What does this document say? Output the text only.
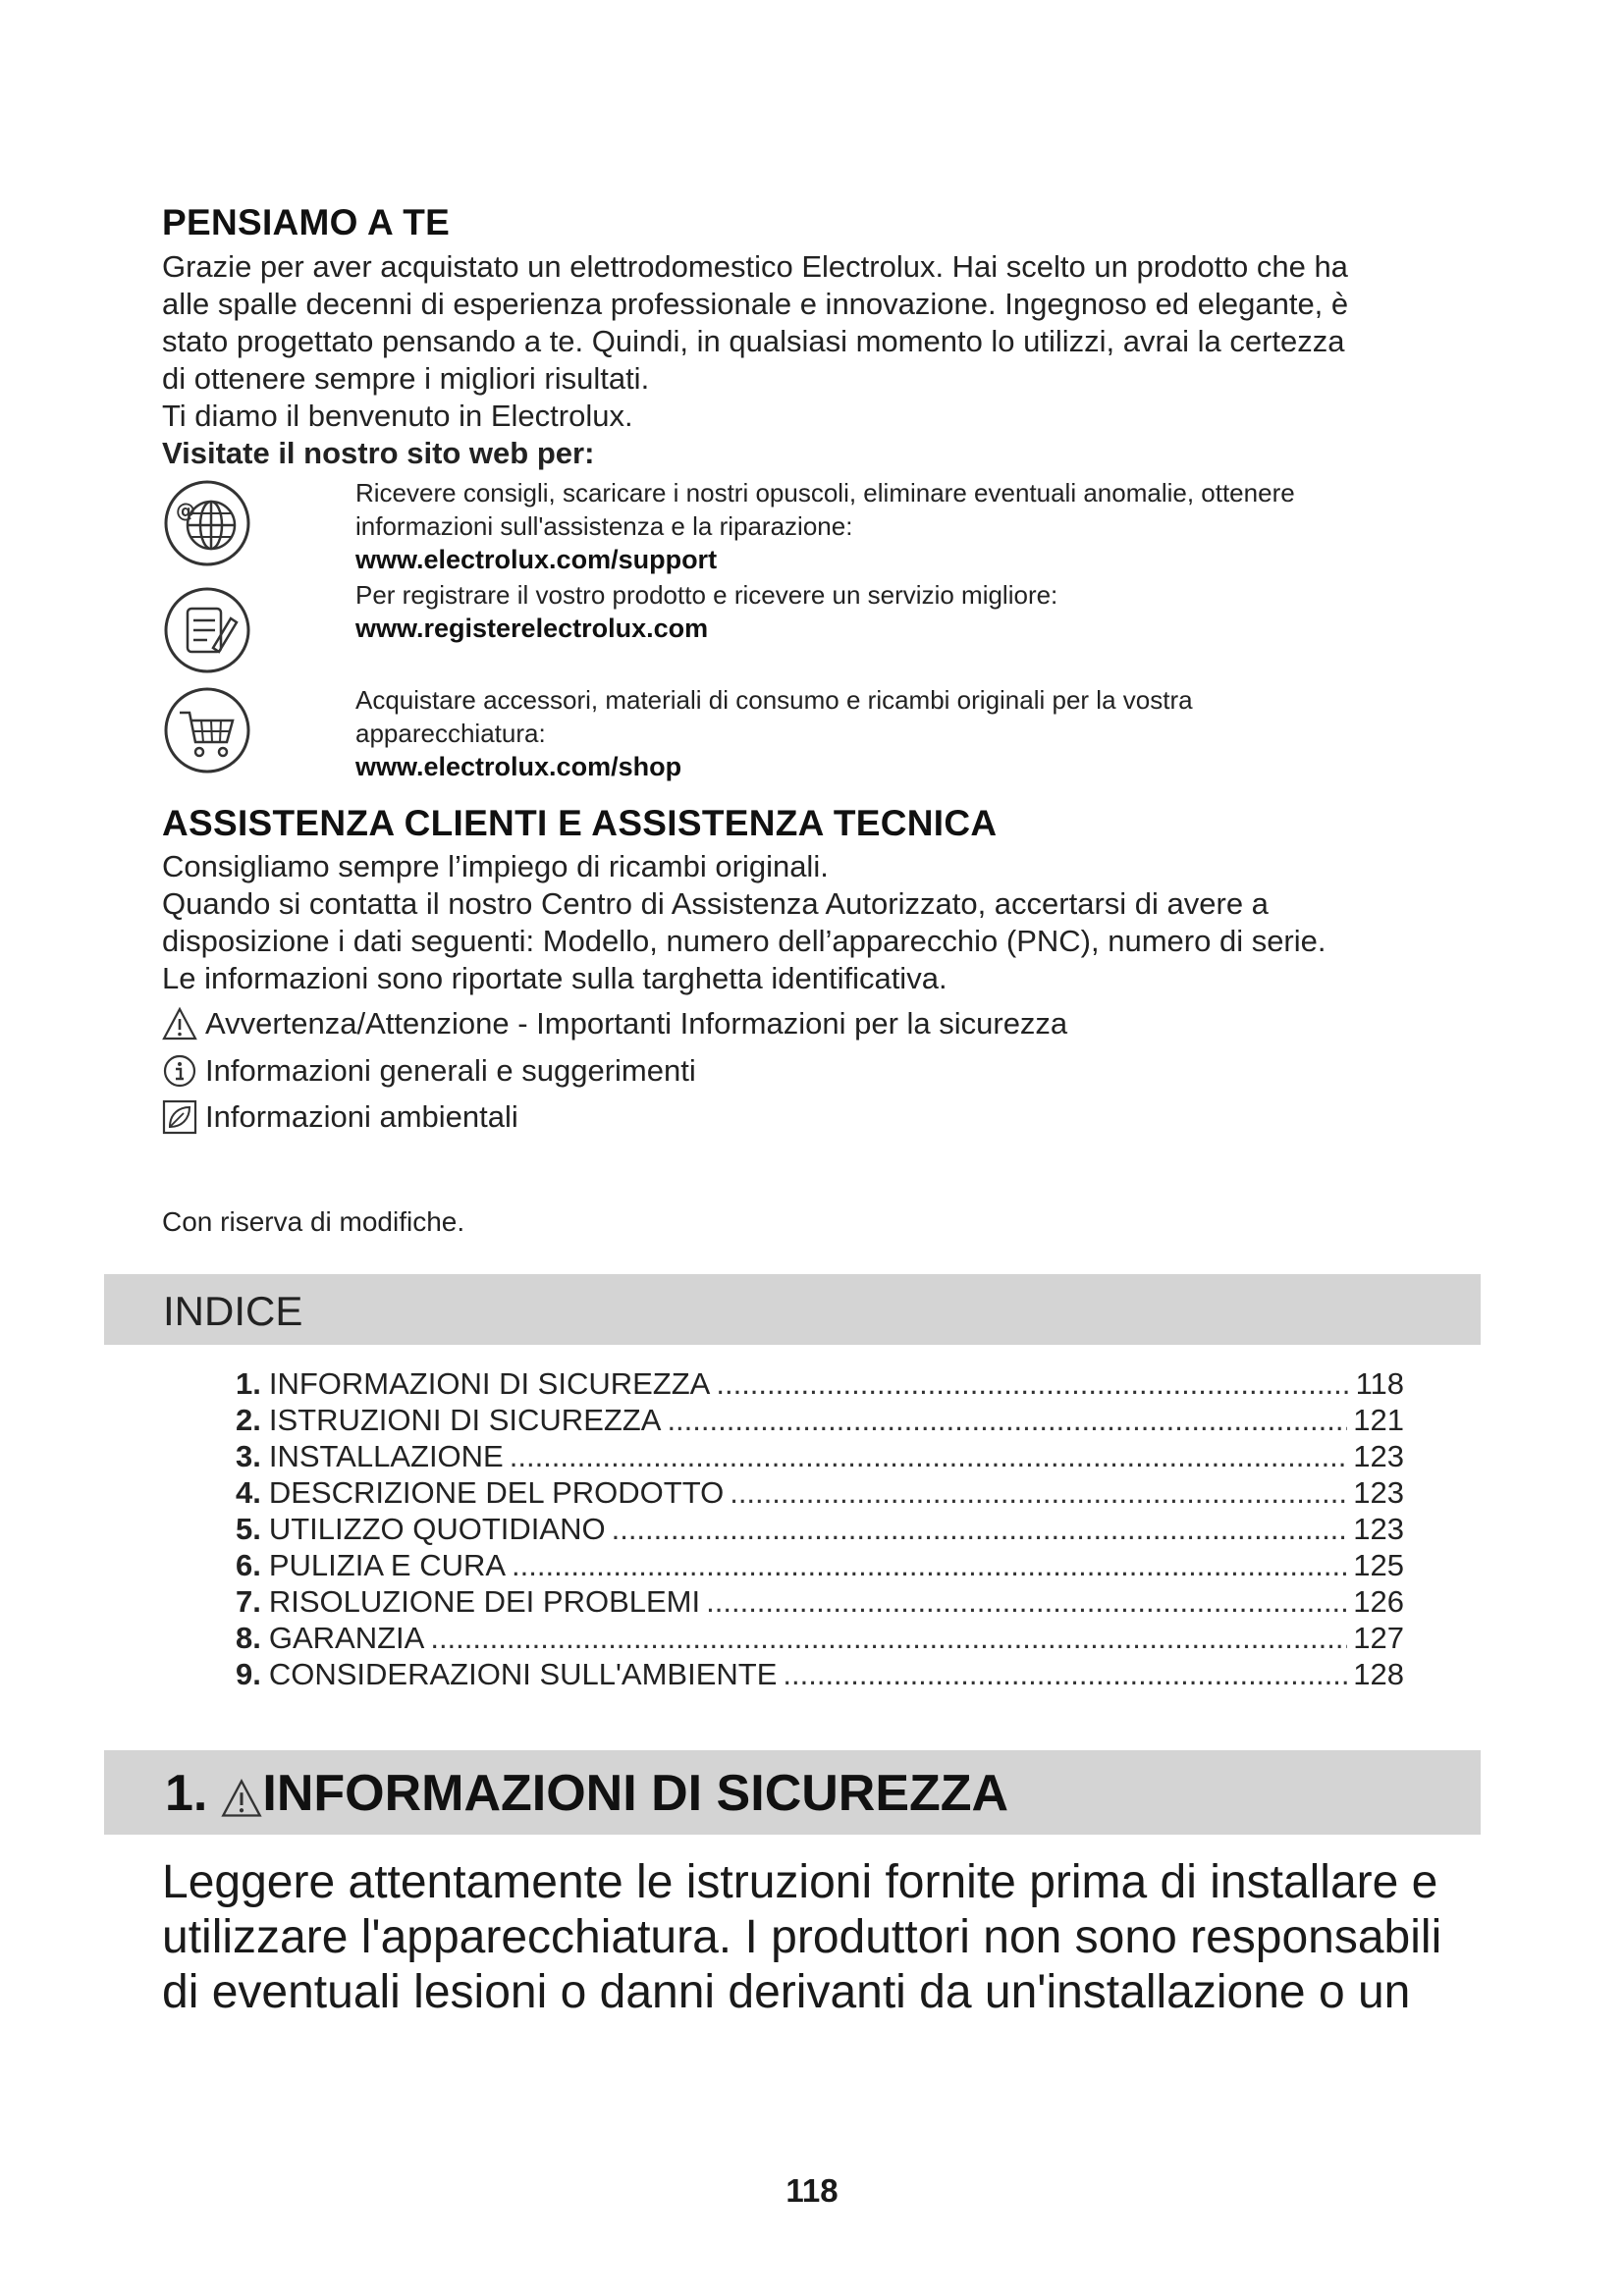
PENSIAMO A TE
Grazie per aver acquistato un elettrodomestico Electrolux. Hai scelto un prodotto che ha
alle spalle decenni di esperienza professionale e innovazione. Ingegnoso ed elegante, è
stato progettato pensando a te. Quindi, in qualsiasi momento lo utilizzi, avrai la certezza
di ottenere sempre i migliori risultati.
Ti diamo il benvenuto in Electrolux.
Visitate il nostro sito web per:
@
Ricevere consigli, scaricare i nostri opuscoli, eliminare eventuali anomalie, ottenere
informazioni sull'assistenza e la riparazione:
www.electrolux.com/support
Per registrare il vostro prodotto e ricevere un servizio migliore:
www.registerelectrolux.com
Acquistare accessori, materiali di consumo e ricambi originali per la vostra
apparecchiatura:
www.electrolux.com/shop
ASSISTENZA CLIENTI E ASSISTENZA TECNICA
Consigliamo sempre l’impiego di ricambi originali.
Quando si contatta il nostro Centro di Assistenza Autorizzato, accertarsi di avere a
disposizione i dati seguenti: Modello, numero dell’apparecchio (PNC), numero di serie.
Le informazioni sono riportate sulla targhetta identificativa.
Avvertenza/Attenzione - Importanti Informazioni per la sicurezza
Informazioni generali e suggerimenti
Informazioni ambientali
Con riserva di modifiche.
INDICE
1. INFORMAZIONI DI SICUREZZA .....	118
2. ISTRUZIONI DI SICUREZZA .....	121
3. INSTALLAZIONE .....	123
4. DESCRIZIONE DEL PRODOTTO .....	123
5. UTILIZZO QUOTIDIANO .....	123
6. PULIZIA E CURA .....	125
7. RISOLUZIONE DEI PROBLEMI .....	126
8. GARANZIA .....	127
9. CONSIDERAZIONI SULL'AMBIENTE .....	128
1. INFORMAZIONI DI SICUREZZA
Leggere attentamente le istruzioni fornite prima di installare e
utilizzare l'apparecchiatura. I produttori non sono responsabili
di eventuali lesioni o danni derivanti da un'installazione o un
118
